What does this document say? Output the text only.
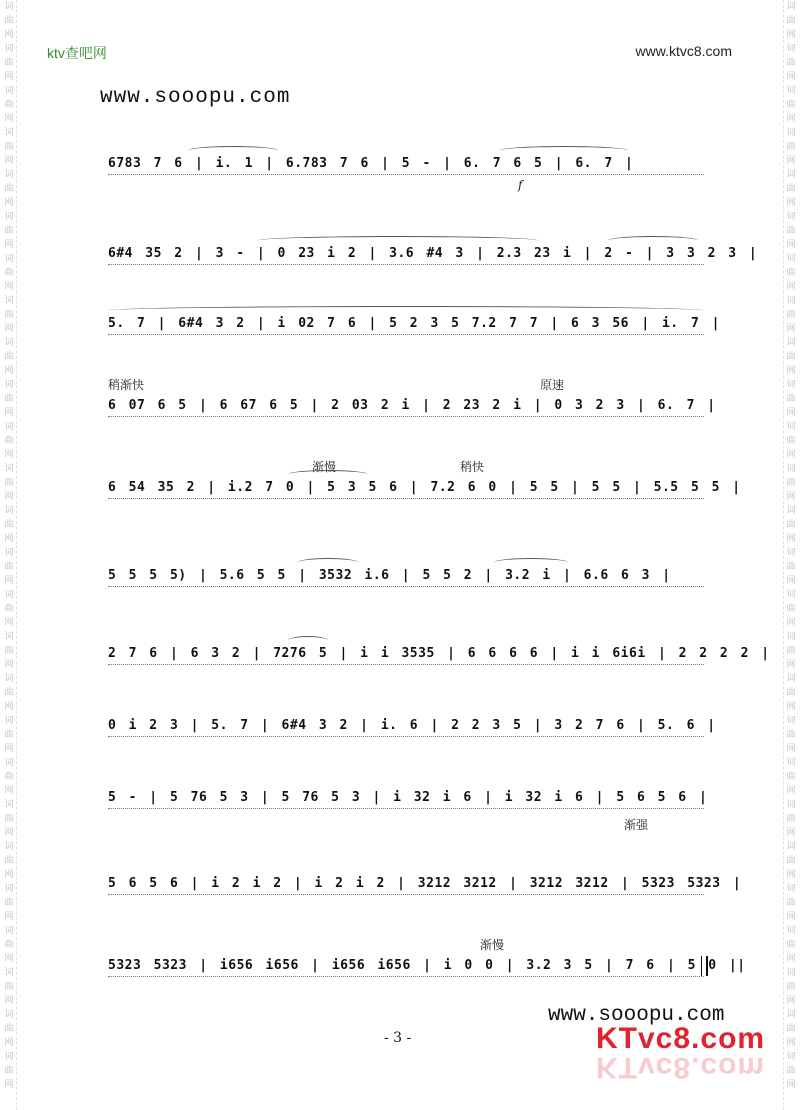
词曲网
词曲网
词曲网
词曲网
词曲网
词曲网
词曲网
词曲网
词曲网
词曲网
词曲网
词曲网
词曲网
词曲网
词曲网
词曲网
词曲网
词曲网
词曲网
词曲网
词曲网
词曲网
词曲网
词曲网
词曲网
词曲网

词曲网
词曲网
词曲网
词曲网
词曲网
词曲网
词曲网
词曲网
词曲网
词曲网
词曲网
词曲网
词曲网
词曲网
词曲网
词曲网
词曲网
词曲网
词曲网
词曲网
词曲网
词曲网
词曲网
词曲网
词曲网
词曲网

ktv查吧网	www.ktvc8.com
www.sooopu.com
f
6783 7 6 | i. 1 | 6.783 7 6 | 5 - | 6. 7 6 5 | 6. 7 |
6#4 35 2 | 3 - | 0 23 i 2 | 3.6 #4 3 | 2.3 23 i | 2 - | 3 3 2 3 |
5. 7 | 6#4 3 2 | i 02 7 6 | 5 2 3 5 7.2 7 7 | 6 3 56 | i. 7 |
稍渐快	原速
6 07 6 5 | 6 67 6 5 | 2 03 2 i | 2 23 2 i | 0 3 2 3 | 6. 7 |
渐慢	稍快
6 54 35 2 | i.2 7 0 | 5 3 5 6 | 7.2 6 0 | 5 5 | 5 5 | 5.5 5 5 |
5 5 5 5) | 5.6 5 5 | 3532 i.6 | 5 5 2 | 3.2 i | 6.6 6 3 |
2 7 6 | 6 3 2 | 7276 5 | i i 3535 | 6 6 6 6 | i i 6i6i | 2 2 2 2 |
0 i 2 3 | 5. 7 | 6#4 3 2 | i. 6 | 2 2 3 5 | 3 2 7 6 | 5. 6 |
渐强
5 - | 5 76 5 3 | 5 76 5 3 | i 32 i 6 | i 32 i 6 | 5 6 5 6 |
5 6 5 6 | i 2 i 2 | i 2 i 2 | 3212 3212 | 3212 3212 | 5323 5323 |
渐慢
5323 5323 | i656 i656 | i656 i656 | i 0 0 | 3.2 3 5 | 7 6 | 5 0 ||
- 3 -
www.sooopu.com
KTvc8.com
KTvc8.com
